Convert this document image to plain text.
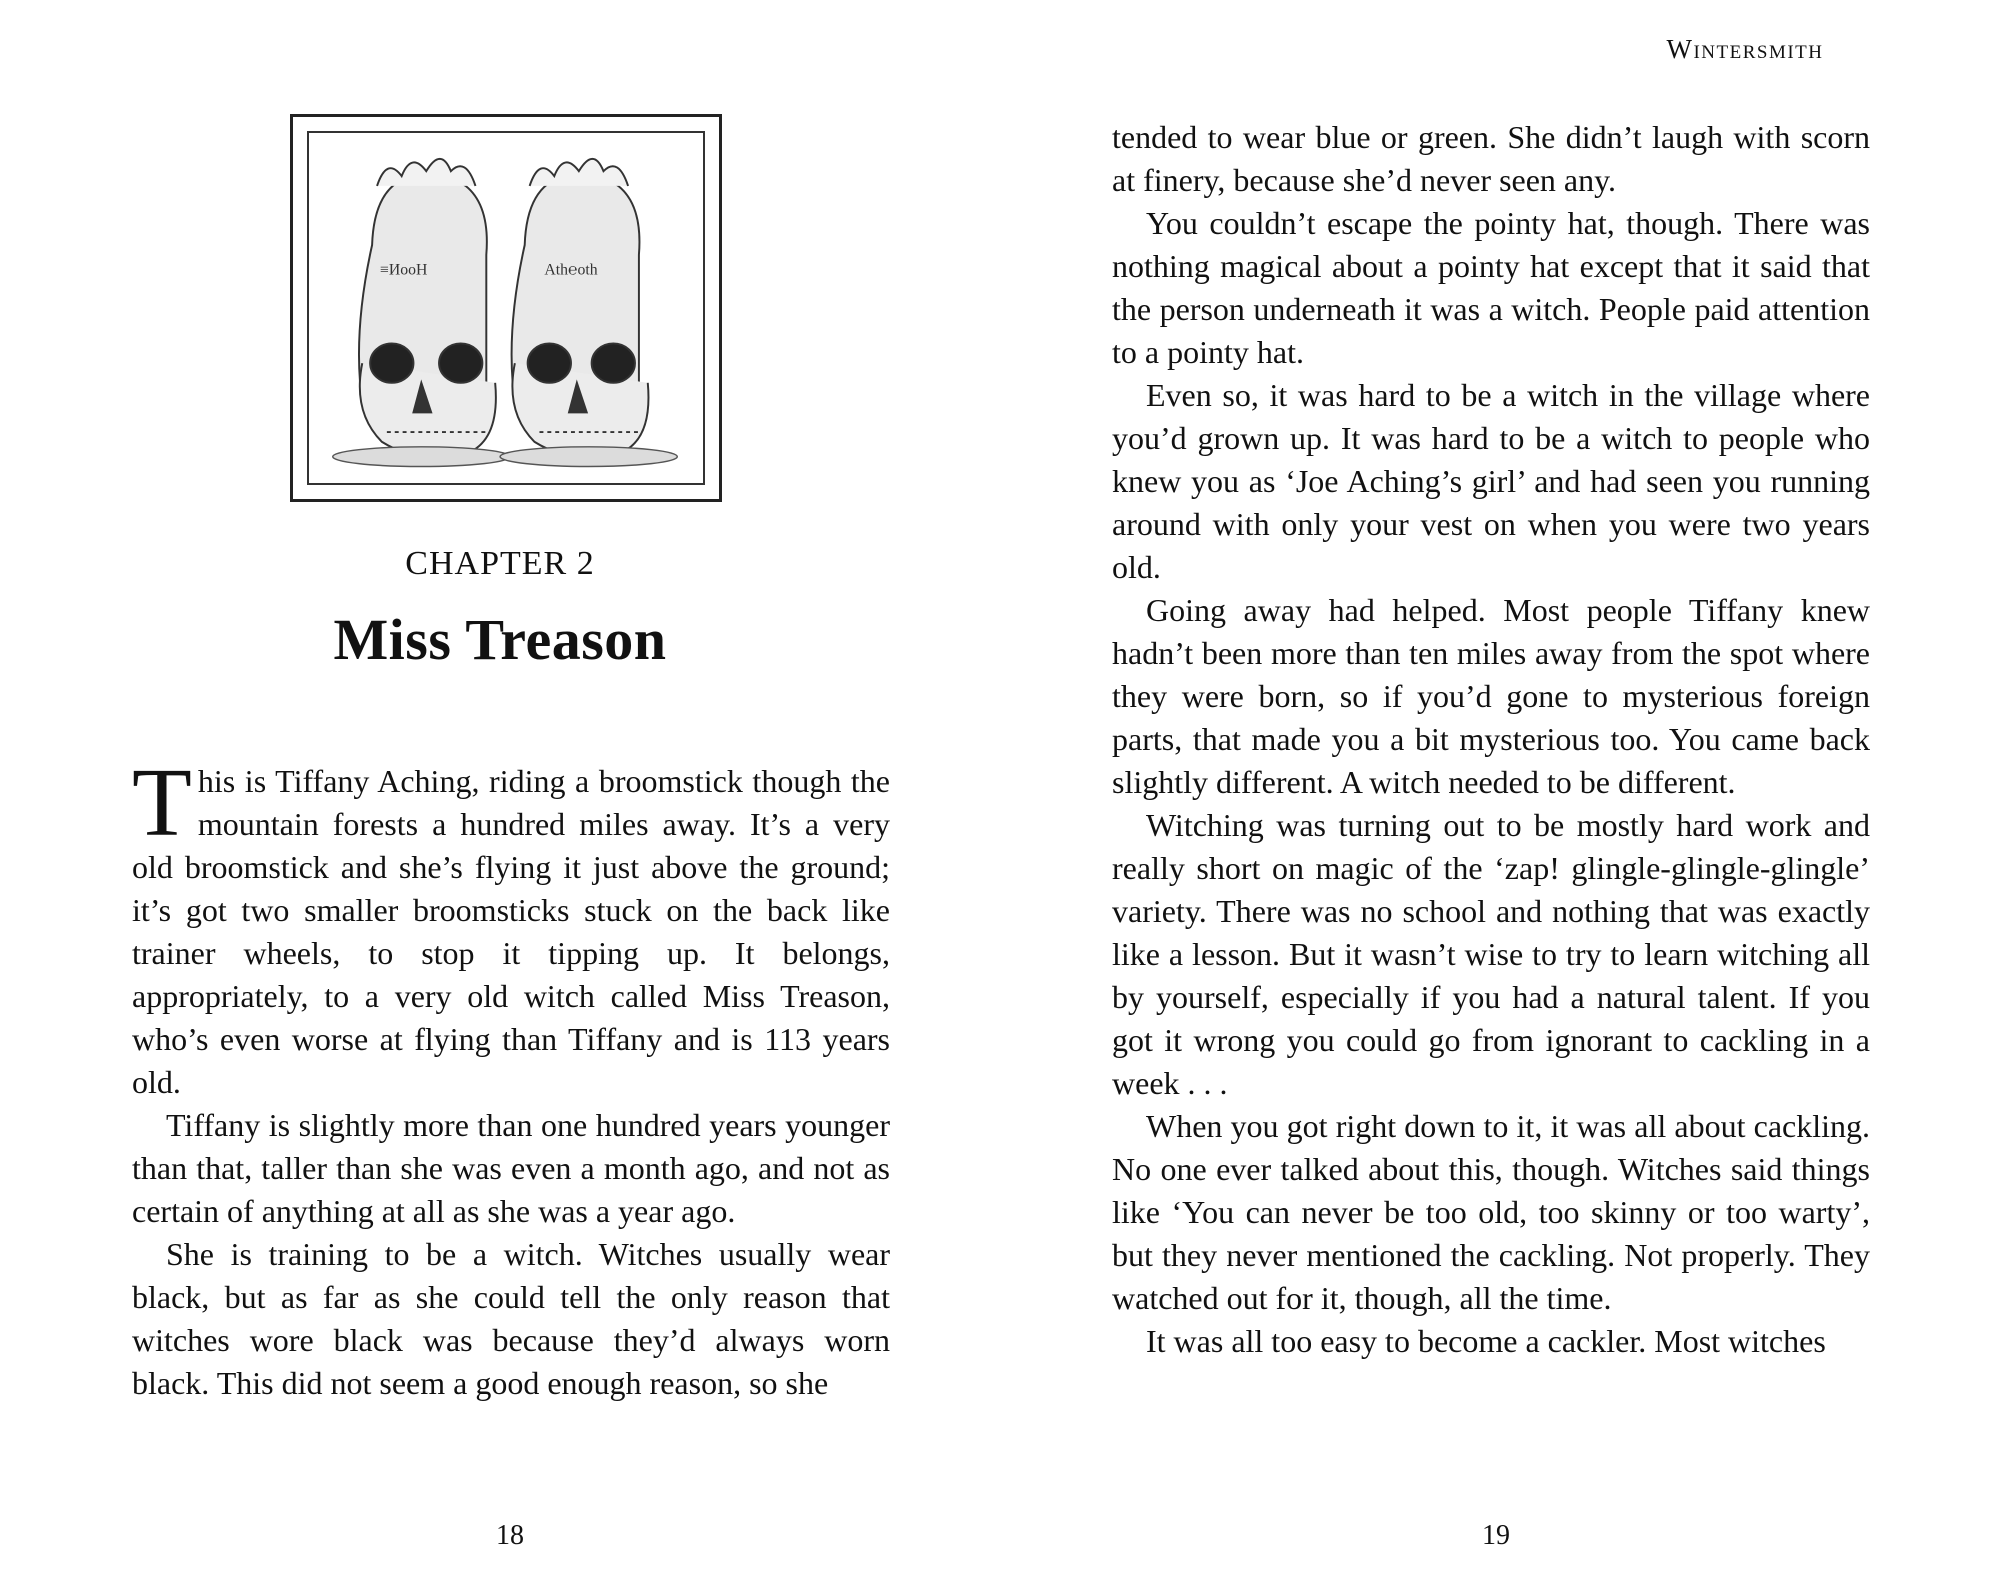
≡ИооН	Ath℮oth
CHAPTER 2
Miss Treason

This is Tiffany Aching, riding a broomstick though the mountain forests a hundred miles away. It’s a very old broomstick and she’s flying it just above the ground; it’s got two smaller broomsticks stuck on the back like trainer wheels, to stop it tipping up. It belongs, appropriately, to a very old witch called Miss Treason, who’s even worse at flying than Tiffany and is 113 years old.

Tiffany is slightly more than one hundred years younger than that, taller than she was even a month ago, and not as certain of anything at all as she was a year ago.

She is training to be a witch. Witches usually wear black, but as far as she could tell the only reason that witches wore black was because they’d always worn black. This did not seem a good enough reason, so she

18
Wintersmith

tended to wear blue or green. She didn’t laugh with scorn at finery, because she’d never seen any.

You couldn’t escape the pointy hat, though. There was nothing magical about a pointy hat except that it said that the person underneath it was a witch. People paid attention to a pointy hat.

Even so, it was hard to be a witch in the village where you’d grown up. It was hard to be a witch to people who knew you as ‘Joe Aching’s girl’ and had seen you running around with only your vest on when you were two years old.

Going away had helped. Most people Tiffany knew hadn’t been more than ten miles away from the spot where they were born, so if you’d gone to mysterious foreign parts, that made you a bit mysterious too. You came back slightly different. A witch needed to be different.

Witching was turning out to be mostly hard work and really short on magic of the ‘zap! glingle-glingle-glingle’ variety. There was no school and nothing that was exactly like a lesson. But it wasn’t wise to try to learn witching all by yourself, especially if you had a natural talent. If you got it wrong you could go from ignorant to cackling in a week . . .

When you got right down to it, it was all about cackling. No one ever talked about this, though. Witches said things like ‘You can never be too old, too skinny or too warty’, but they never mentioned the cackling. Not properly. They watched out for it, though, all the time.

It was all too easy to become a cackler. Most witches

19
